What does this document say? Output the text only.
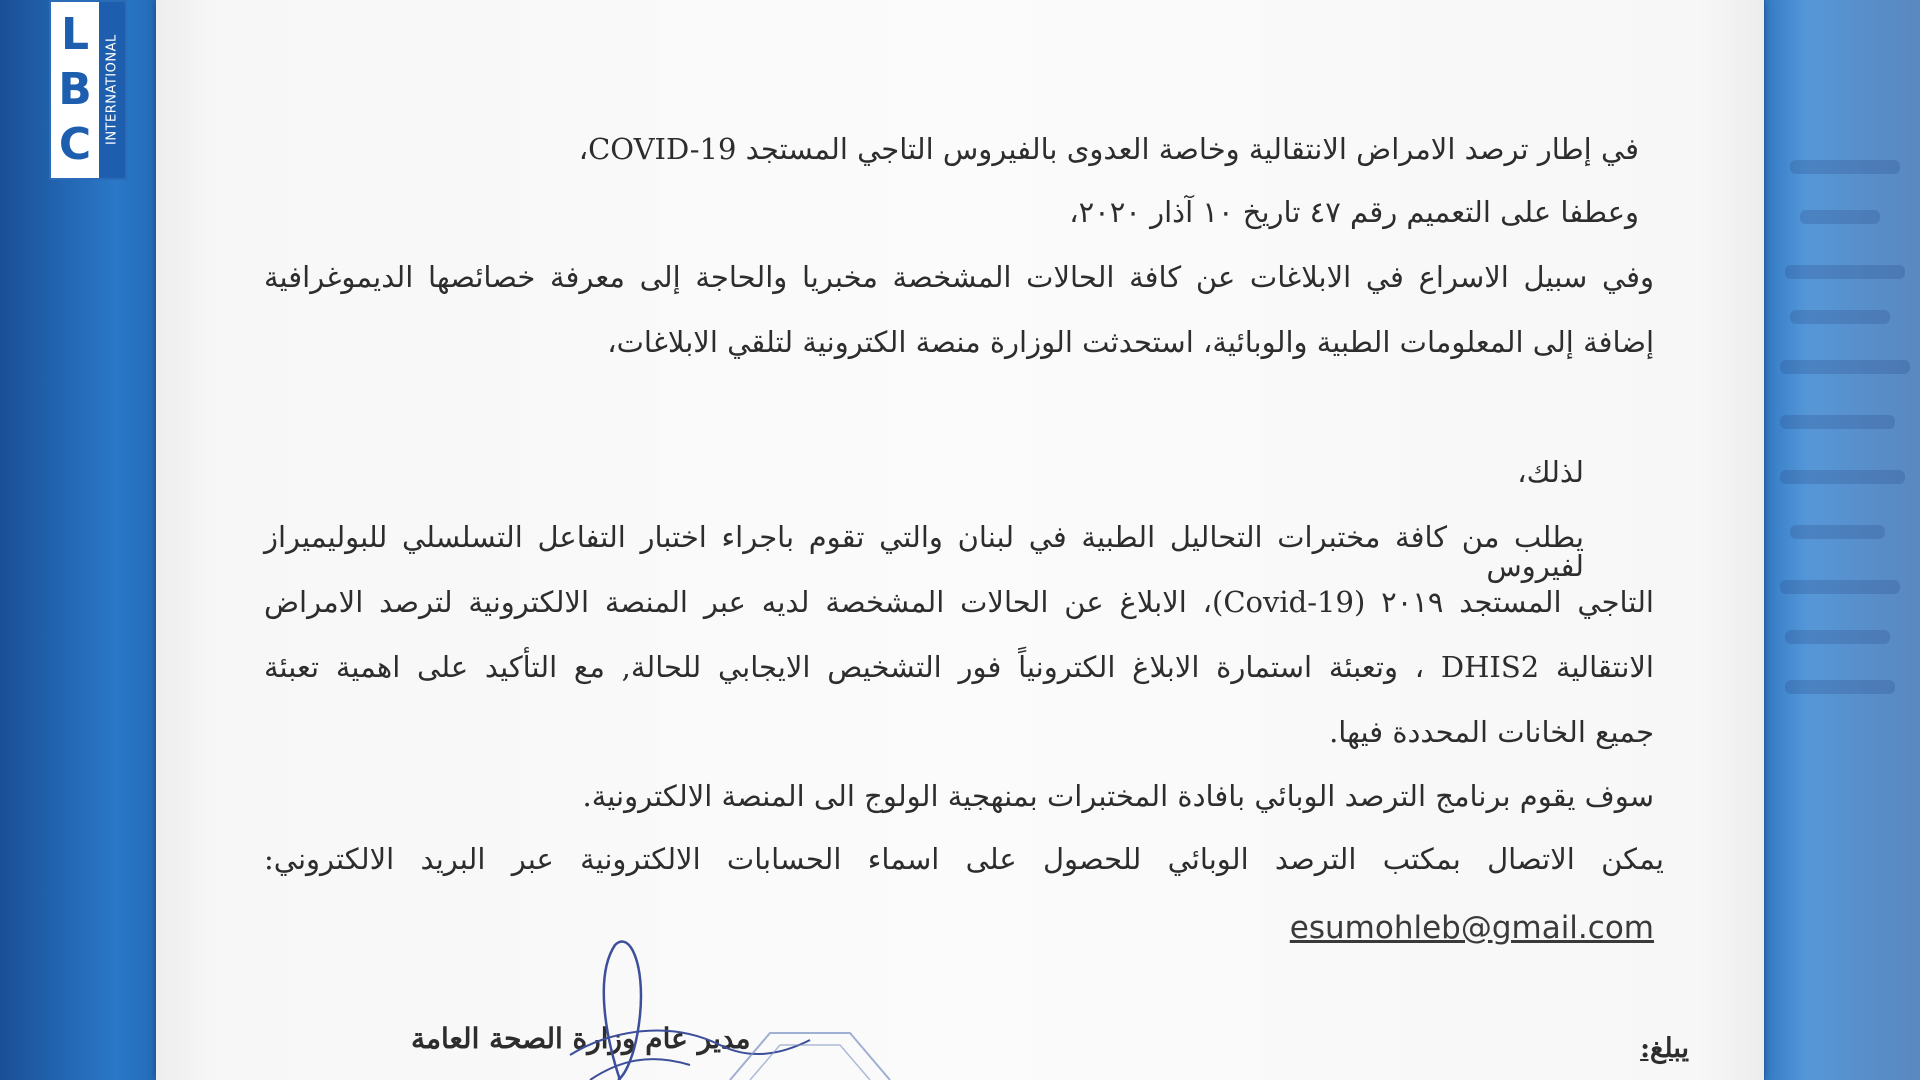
L
B
C	INTERNATIONAL
في إطار ترصد الامراض الانتقالية وخاصة العدوى بالفيروس التاجي المستجد COVID-19،
وعطفا على التعميم رقم ٤٧ تاريخ ١٠ آذار ٢٠٢٠،
وفي سبيل الاسراع في الابلاغات عن كافة الحالات المشخصة مخبريا والحاجة إلى معرفة خصائصها الديموغرافية
إضافة إلى المعلومات الطبية والوبائية، استحدثت الوزارة منصة الكترونية لتلقي الابلاغات،
لذلك،
يطلب من كافة مختبرات التحاليل الطبية في لبنان والتي تقوم باجراء اختبار التفاعل التسلسلي للبوليميراز لفيروس
التاجي المستجد ٢٠١٩ (Covid-19)، الابلاغ عن الحالات المشخصة لديه عبر المنصة الالكترونية لترصد الامراض
الانتقالية DHIS2 ، وتعبئة استمارة الابلاغ الكترونياً فور التشخيص الايجابي للحالة, مع التأكيد على اهمية تعبئة
جميع الخانات المحددة فيها.
سوف يقوم برنامج الترصد الوبائي بافادة المختبرات بمنهجية الولوج الى المنصة الالكترونية.
يمكن الاتصال بمكتب الترصد الوبائي للحصول على اسماء الحسابات الالكترونية عبر البريد الالكتروني:
esumohleb@gmail.com
مدير عام وزارة الصحة العامة	يبلغ:
